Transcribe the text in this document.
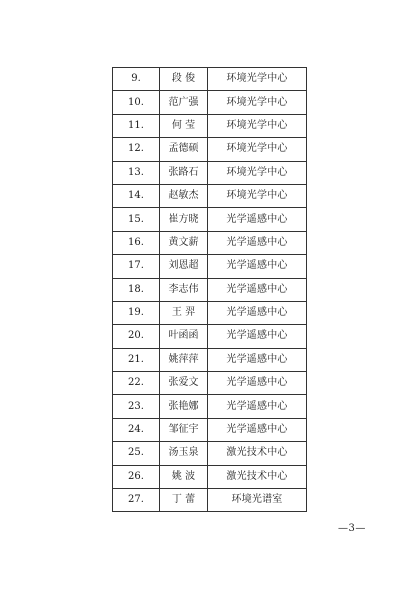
9.	段 俊	环境光学中心
10.	范广强	环境光学中心
11.	何 莹	环境光学中心
12.	孟德硕	环境光学中心
13.	张路石	环境光学中心
14.	赵敏杰	环境光学中心
15.	崔方晓	光学遥感中心
16.	黄文薪	光学遥感中心
17.	刘恩超	光学遥感中心
18.	李志伟	光学遥感中心
19.	王 羿	光学遥感中心
20.	叶函函	光学遥感中心
21.	姚萍萍	光学遥感中心
22.	张爱文	光学遥感中心
23.	张艳娜	光学遥感中心
24.	邹征宇	光学遥感中心
25.	汤玉泉	激光技术中心
26.	姚 波	激光技术中心
27.	丁 蕾	环境光谱室
—3—
